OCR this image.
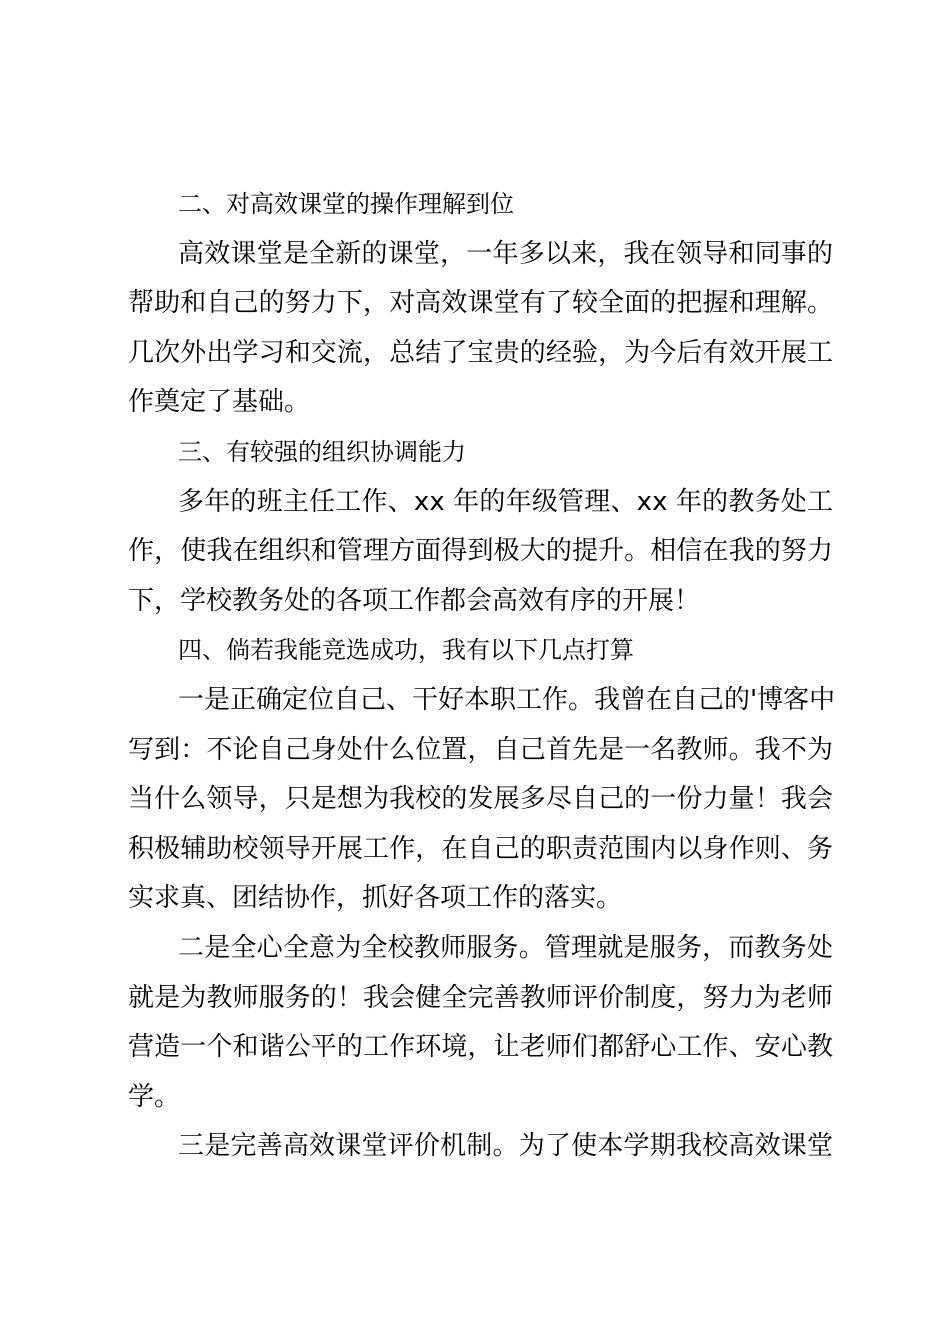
二、对高效课堂的操作理解到位
高效课堂是全新的课堂，一年多以来，我在领导和同事的
帮助和自己的努力下，对高效课堂有了较全面的把握和理解。
几次外出学习和交流，总结了宝贵的经验，为今后有效开展工
作奠定了基础。
三、有较强的组织协调能力
多年的班主任工作、xx 年的年级管理、xx 年的教务处工
作，使我在组织和管理方面得到极大的提升。相信在我的努力
下，学校教务处的各项工作都会高效有序的开展！
四、倘若我能竞选成功，我有以下几点打算
一是正确定位自己、干好本职工作。我曾在自己的'博客中
写到：不论自己身处什么位置，自己首先是一名教师。我不为
当什么领导，只是想为我校的发展多尽自己的一份力量！我会
积极辅助校领导开展工作，在自己的职责范围内以身作则、务
实求真、团结协作，抓好各项工作的落实。
二是全心全意为全校教师服务。管理就是服务，而教务处
就是为教师服务的！我会健全完善教师评价制度，努力为老师
营造一个和谐公平的工作环境，让老师们都舒心工作、安心教
学。
三是完善高效课堂评价机制。为了使本学期我校高效课堂
